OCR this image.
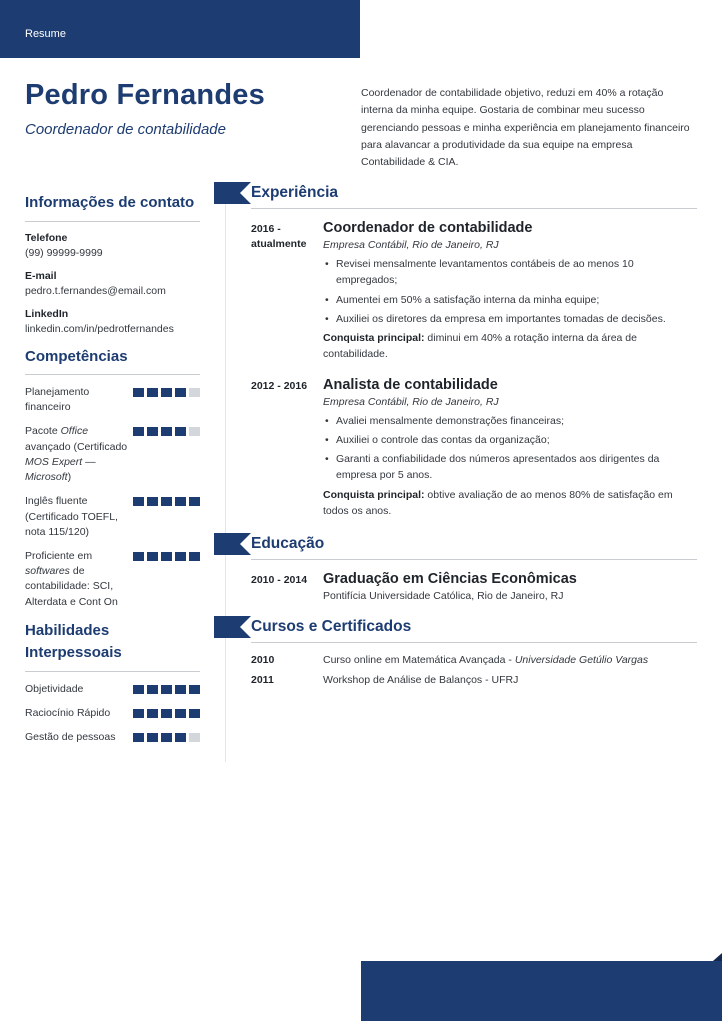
Resume
Pedro Fernandes
Coordenador de contabilidade
Coordenador de contabilidade objetivo, reduzi em 40% a rotação interna da minha equipe. Gostaria de combinar meu sucesso gerenciando pessoas e minha experiência em planejamento financeiro para alavancar a produtividade da sua equipe na empresa Contabilidade & CIA.
Informações de contato
Telefone
(99) 99999-9999
E-mail
pedro.t.fernandes@email.com
LinkedIn
linkedin.com/in/pedrotfernandes
Competências
Planejamento financeiro
Pacote Office avançado (Certificado MOS Expert — Microsoft)
Inglês fluente (Certificado TOEFL, nota 115/120)
Proficiente em softwares de contabilidade: SCI, Alterdata e Cont On
Habilidades Interpessoais
Objetividade
Raciocínio Rápido
Gestão de pessoas
Experiência
2016 - atualmente
Coordenador de contabilidade
Empresa Contábil, Rio de Janeiro, RJ
• Revisei mensalmente levantamentos contábeis de ao menos 10 empregados;
• Aumentei em 50% a satisfação interna da minha equipe;
• Auxiliei os diretores da empresa em importantes tomadas de decisões.
Conquista principal: diminui em 40% a rotação interna da área de contabilidade.
2012 - 2016	Analista de contabilidade
Empresa Contábil, Rio de Janeiro, RJ
• Avaliei mensalmente demonstrações financeiras;
• Auxiliei o controle das contas da organização;
• Garanti a confiabilidade dos números apresentados aos dirigentes da empresa por 5 anos.
Conquista principal: obtive avaliação de ao menos 80% de satisfação em todos os anos.
Educação
2010 - 2014	Graduação em Ciências Econômicas
Pontifícia Universidade Católica, Rio de Janeiro, RJ
Cursos e Certificados
2010	Curso online em Matemática Avançada - Universidade Getúlio Vargas
2011	Workshop de Análise de Balanços - UFRJ
